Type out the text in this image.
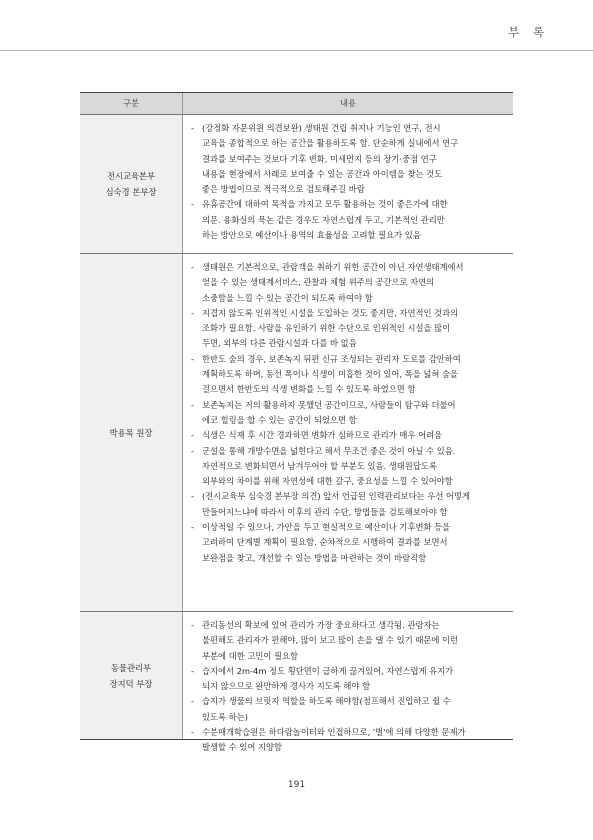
부 록
구분	내용
전시교육본부
심숙경 본부장
- (강정화 자문위원 의견보완) 생태원 건립 취지나 기능인 연구, 전시
교육을 종합적으로 하는 공간을 활용하도록 함. 단순하게 실내에서 연구
결과를 보여주는 것보다 기후 변화, 미세먼지 등의 장기·중점 연구
내용을 현장에서 사례로 보여줄 수 있는 공간과 아이템을 찾는 것도
좋은 방법이므로 적극적으로 검토해주길 바람
- 유휴공간에 대하여 목적을 가지고 모두 활용하는 것이 좋은가에 대한
의문. 용화실의 묵논 같은 경우도 자연스럽게 두고, 기본적인 관리만
하는 방안으로 예산이나 용역의 효율성을 고려할 필요가 있음
박용목 원장
- 생태원은 기본적으로, 관람객을 취하기 위한 공간이 아닌 자연생태계에서
얻을 수 있는 생태계서비스, 관찰과 체험 위주의 공간으로 자연의
소중함을 느낄 수 있는 공간이 되도록 하여야 함
- 지겹지 않도록 인위적인 시설을 도입하는 것도 좋지만, 자연적인 것과의
조화가 필요함. 사람을 유인하기 위한 수단으로 인위적인 시설을 많이
두면, 외부의 다른 관람시설과 다를 바 없음
- 한반도 숲의 경우, 보존녹지 뒤편 신규 조성되는 관리자 도로를 감안하여
계획하도록 하며, 동선 폭이나 식생이 미흡한 것이 있어, 폭을 넓혀 숲을
걸으면서 한반도의 식생 변화를 느낄 수 있도록 하였으면 함
- 보존녹지는 거의 활용하지 못했던 공간이므로, 사람들이 탐구와 더불어
에코 힐링을 할 수 있는 공간이 되었으면 함
- 식생은 식재 후 시간 경과하면 변화가 심하므로 관리가 매우 어려움
- 군설을 통해 개방수면을 넓힌다고 해서 무조건 좋은 것이 아닐 수 있음.
자연적으로 변화되면서 남겨두어야 할 부분도 있음. 생태원답도록
외부와의 차이를 위해 자연성에 대한 갈구, 중요성을 느낄 수 있어야함
- (전시교육부 심숙경 본부장 의견) 앞서 언급된 인력관리보다는 우선 어떻게
만들어지느냐에 따라서 이후의 관리 수단, 방법들을 검토해보아야 함
- 이상적일 수 있으나, 가안을 두고 현실적으로 예산이나 기후변화 등을
고려하여 단계별 계획이 필요함. 순차적으로 시행하여 결과를 보면서
보완점을 찾고, 개선할 수 있는 방법을 마련하는 것이 바람직함
동물관리부
장지덕 부장
- 관리동선의 확보에 있어 관리가 가장 중요하다고 생각됨. 관람자는
불편해도 관리자가 편해야, 많이 보고 많이 손을 댈 수 있기 때문에 이런
부분에 대한 고민이 필요함
- 습지에서 2m-4m 정도 횡단면이 급하게 끊겨있어, 자연스럽게 유지가
되지 않으므로 완만하게 경사가 지도록 해야 함
- 습지가 생물의 브릿지 역할을 하도록 해야함(점프해서 진입하고 쉴 수
있도록 하는)
- 수분매개학습원은 하다람놀이터와 인접하므로, '벌'에 의해 다양한 문제가
발생할 수 있어 지양함
191
